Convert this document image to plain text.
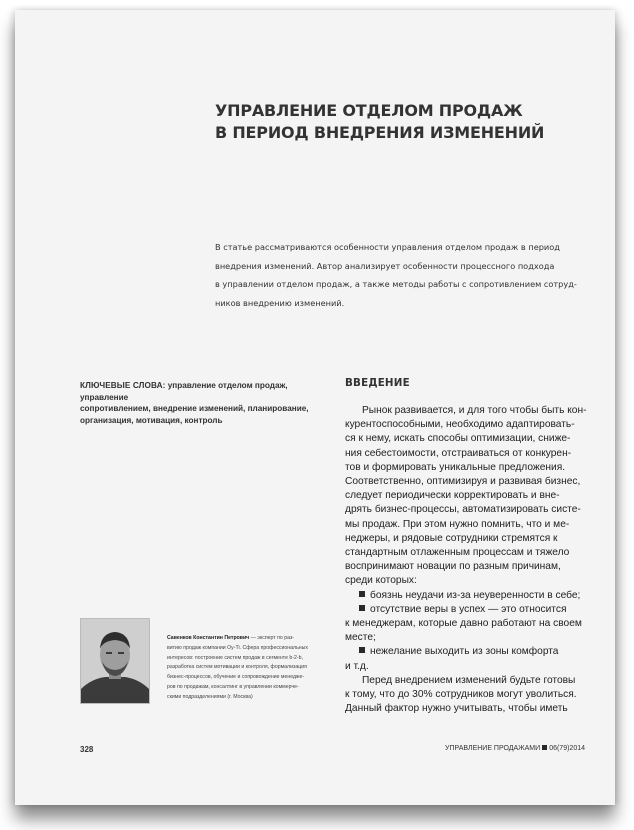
УПРАВЛЕНИЕ ОТДЕЛОМ ПРОДАЖ
В ПЕРИОД ВНЕДРЕНИЯ ИЗМЕНЕНИЙ
В статье рассматриваются особенности управления отделом продаж в период
внедрения изменений. Автор анализирует особенности процессного подхода
в управлении отделом продаж, а также методы работы с сопротивлением сотруд-
ников внедрению изменений.
КЛЮЧЕВЫЕ СЛОВА: управление отделом продаж, управление
сопротивлением, внедрение изменений, планирование,
организация, мотивация, контроль
ВВЕДЕНИЕ
Рынок развивается, и для того чтобы быть кон-
курентоспособными, необходимо адаптировать-
ся к нему, искать способы оптимизации, сниже-
ния себестоимости, отстраиваться от конкурен-
тов и формировать уникальные предложения.
Соответственно, оптимизируя и развивая бизнес,
следует периодически корректировать и вне-
дрять бизнес-процессы, автоматизировать систе-
мы продаж. При этом нужно помнить, что и ме-
неджеры, и рядовые сотрудники стремятся к
стандартным отлаженным процессам и тяжело
воспринимают новации по разным причинам,
среди которых:
боязнь неудачи из-за неуверенности в себе;
отсутствие веры в успех — это относится
к менеджерам, которые давно работают на своем
месте;
нежелание выходить из зоны комфорта
и т.д.
Перед внедрением изменений будьте готовы
к тому, что до 30% сотрудников могут уволиться.
Данный фактор нужно учитывать, чтобы иметь
Савенков Константин Петрович — эксперт по раз-
витию продаж компании Oy-Ti. Сфера профессиональных
интересов: построение систем продаж в сегменте b-2-b,
разработка систем мотивации и контроля, формализация
бизнес-процессов, обучение и сопровождение менедже-
ров по продажам, консалтинг в управлении коммерче-
скими подразделениями (г. Москва)
328	УПРАВЛЕНИЕ ПРОДАЖАМИ 06(79)2014
